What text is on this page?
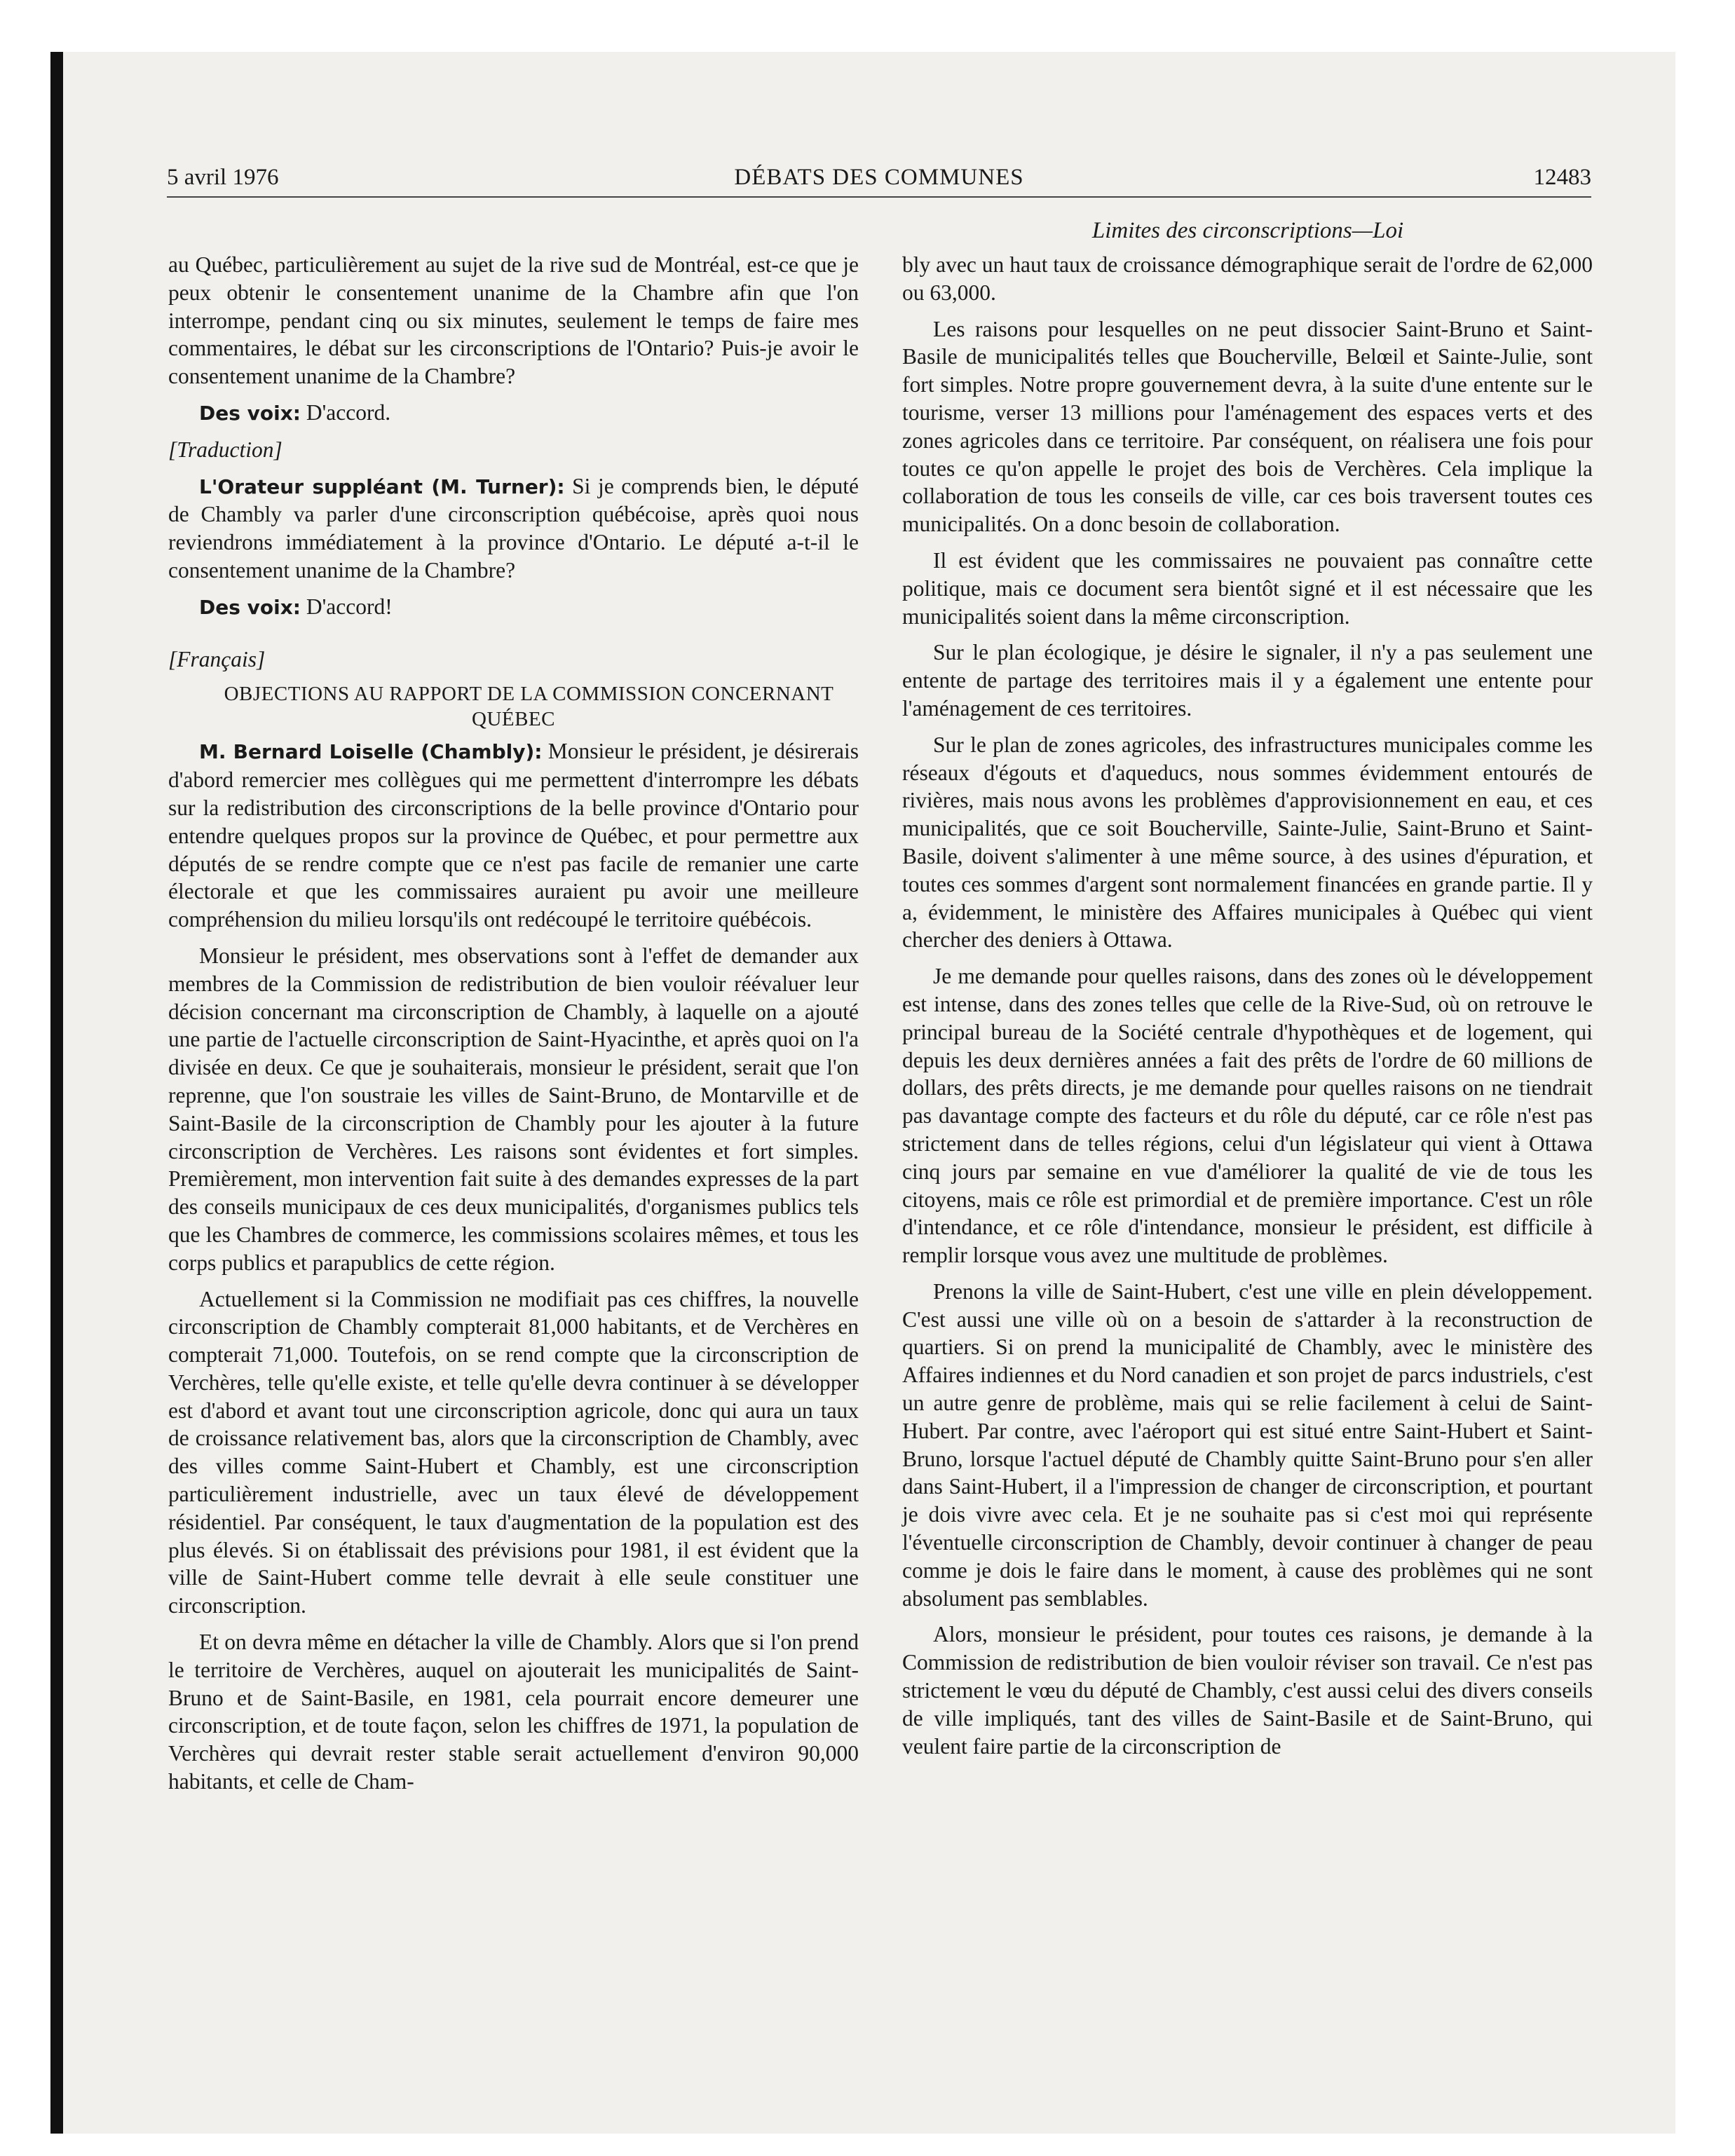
5 avril 1976	DÉBATS DES COMMUNES	12483
Limites des circonscriptions—Loi

au Québec, particulièrement au sujet de la rive sud de Montréal, est-ce que je peux obtenir le consentement unanime de la Chambre afin que l'on interrompe, pendant cinq ou six minutes, seulement le temps de faire mes commentaires, le débat sur les circonscriptions de l'Ontario? Puis-je avoir le consentement unanime de la Chambre?

Des voix: D'accord.

[Traduction]

L'Orateur suppléant (M. Turner): Si je comprends bien, le député de Chambly va parler d'une circonscription québécoise, après quoi nous reviendrons immédiatement à la province d'Ontario. Le député a-t-il le consentement unanime de la Chambre?

Des voix: D'accord!

[Français]

OBJECTIONS AU RAPPORT DE LA COMMISSION CONCERNANT QUÉBEC

M. Bernard Loiselle (Chambly): Monsieur le président, je désirerais d'abord remercier mes collègues qui me permettent d'interrompre les débats sur la redistribution des circonscriptions de la belle province d'Ontario pour entendre quelques propos sur la province de Québec, et pour permettre aux députés de se rendre compte que ce n'est pas facile de remanier une carte électorale et que les commissaires auraient pu avoir une meilleure compréhension du milieu lorsqu'ils ont redécoupé le territoire québécois.

Monsieur le président, mes observations sont à l'effet de demander aux membres de la Commission de redistribution de bien vouloir réévaluer leur décision concernant ma circonscription de Chambly, à laquelle on a ajouté une partie de l'actuelle circonscription de Saint-Hyacinthe, et après quoi on l'a divisée en deux. Ce que je souhaiterais, monsieur le président, serait que l'on reprenne, que l'on soustraie les villes de Saint-Bruno, de Montarville et de Saint-Basile de la circonscription de Chambly pour les ajouter à la future circonscription de Verchères. Les raisons sont évidentes et fort simples. Premièrement, mon intervention fait suite à des demandes expresses de la part des conseils municipaux de ces deux municipalités, d'organismes publics tels que les Chambres de commerce, les commissions scolaires mêmes, et tous les corps publics et parapublics de cette région.

Actuellement si la Commission ne modifiait pas ces chiffres, la nouvelle circonscription de Chambly compterait 81,000 habitants, et de Verchères en compterait 71,000. Toutefois, on se rend compte que la circonscription de Verchères, telle qu'elle existe, et telle qu'elle devra continuer à se développer est d'abord et avant tout une circonscription agricole, donc qui aura un taux de croissance relativement bas, alors que la circonscription de Chambly, avec des villes comme Saint-Hubert et Chambly, est une circonscription particulièrement industrielle, avec un taux élevé de développement résidentiel. Par conséquent, le taux d'augmentation de la population est des plus élevés. Si on établissait des prévisions pour 1981, il est évident que la ville de Saint-Hubert comme telle devrait à elle seule constituer une circonscription.

Et on devra même en détacher la ville de Chambly. Alors que si l'on prend le territoire de Verchères, auquel on ajouterait les municipalités de Saint-Bruno et de Saint-Basile, en 1981, cela pourrait encore demeurer une circonscription, et de toute façon, selon les chiffres de 1971, la population de Verchères qui devrait rester stable serait actuellement d'environ 90,000 habitants, et celle de Cham-

bly avec un haut taux de croissance démographique serait de l'ordre de 62,000 ou 63,000.

Les raisons pour lesquelles on ne peut dissocier Saint-Bruno et Saint-Basile de municipalités telles que Boucherville, Belœil et Sainte-Julie, sont fort simples. Notre propre gouvernement devra, à la suite d'une entente sur le tourisme, verser 13 millions pour l'aménagement des espaces verts et des zones agricoles dans ce territoire. Par conséquent, on réalisera une fois pour toutes ce qu'on appelle le projet des bois de Verchères. Cela implique la collaboration de tous les conseils de ville, car ces bois traversent toutes ces municipalités. On a donc besoin de collaboration.

Il est évident que les commissaires ne pouvaient pas connaître cette politique, mais ce document sera bientôt signé et il est nécessaire que les municipalités soient dans la même circonscription.

Sur le plan écologique, je désire le signaler, il n'y a pas seulement une entente de partage des territoires mais il y a également une entente pour l'aménagement de ces territoires.

Sur le plan de zones agricoles, des infrastructures municipales comme les réseaux d'égouts et d'aqueducs, nous sommes évidemment entourés de rivières, mais nous avons les problèmes d'approvisionnement en eau, et ces municipalités, que ce soit Boucherville, Sainte-Julie, Saint-Bruno et Saint-Basile, doivent s'alimenter à une même source, à des usines d'épuration, et toutes ces sommes d'argent sont normalement financées en grande partie. Il y a, évidemment, le ministère des Affaires municipales à Québec qui vient chercher des deniers à Ottawa.

Je me demande pour quelles raisons, dans des zones où le développement est intense, dans des zones telles que celle de la Rive-Sud, où on retrouve le principal bureau de la Société centrale d'hypothèques et de logement, qui depuis les deux dernières années a fait des prêts de l'ordre de 60 millions de dollars, des prêts directs, je me demande pour quelles raisons on ne tiendrait pas davantage compte des facteurs et du rôle du député, car ce rôle n'est pas strictement dans de telles régions, celui d'un législateur qui vient à Ottawa cinq jours par semaine en vue d'améliorer la qualité de vie de tous les citoyens, mais ce rôle est primordial et de première importance. C'est un rôle d'intendance, et ce rôle d'intendance, monsieur le président, est difficile à remplir lorsque vous avez une multitude de problèmes.

Prenons la ville de Saint-Hubert, c'est une ville en plein développement. C'est aussi une ville où on a besoin de s'attarder à la reconstruction de quartiers. Si on prend la municipalité de Chambly, avec le ministère des Affaires indiennes et du Nord canadien et son projet de parcs industriels, c'est un autre genre de problème, mais qui se relie facilement à celui de Saint-Hubert. Par contre, avec l'aéroport qui est situé entre Saint-Hubert et Saint-Bruno, lorsque l'actuel député de Chambly quitte Saint-Bruno pour s'en aller dans Saint-Hubert, il a l'impression de changer de circonscription, et pourtant je dois vivre avec cela. Et je ne souhaite pas si c'est moi qui représente l'éventuelle circonscription de Chambly, devoir continuer à changer de peau comme je dois le faire dans le moment, à cause des problèmes qui ne sont absolument pas semblables.

Alors, monsieur le président, pour toutes ces raisons, je demande à la Commission de redistribution de bien vouloir réviser son travail. Ce n'est pas strictement le vœu du député de Chambly, c'est aussi celui des divers conseils de ville impliqués, tant des villes de Saint-Basile et de Saint-Bruno, qui veulent faire partie de la circonscription de
